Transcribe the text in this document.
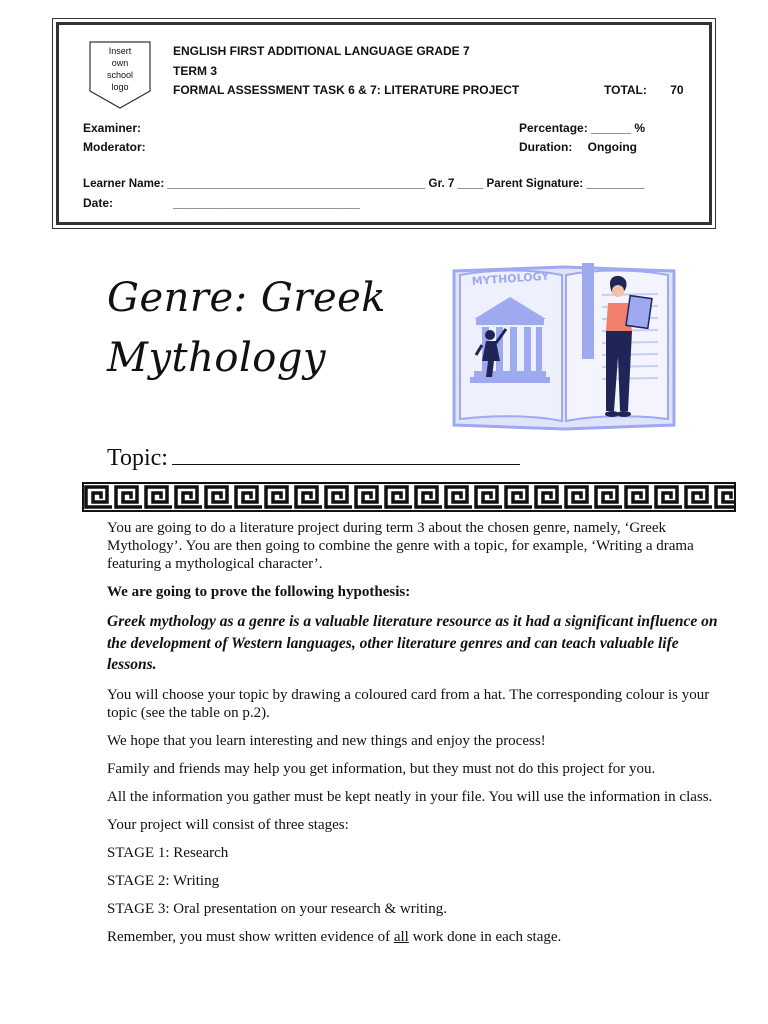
Insert
own
school
logo
ENGLISH FIRST ADDITIONAL LANGUAGE GRADE 7
TERM 3
FORMAL ASSESSMENT TASK 6 & 7: LITERATURE PROJECT	TOTAL: 70
Examiner:
Moderator:
Percentage: ______ %
Duration: Ongoing
Learner Name: ________________________________________ Gr. 7 ____ Parent Signature: _________
Date:	____________________________
Genre: Greek
Mythology
MYTHOLOGY
Topic:

You are going to do a literature project during term 3 about the chosen genre, namely, ‘Greek Mythology’. You are then going to combine the genre with a topic, for example, ‘Writing a drama featuring a mythological character’.

We are going to prove the following hypothesis:

Greek mythology as a genre is a valuable literature resource as it had a significant influence on the development of Western languages, other literature genres and can teach valuable life lessons.

You will choose your topic by drawing a coloured card from a hat. The corresponding colour is your topic (see the table on p.2).

We hope that you learn interesting and new things and enjoy the process!

Family and friends may help you get information, but they must not do this project for you.

All the information you gather must be kept neatly in your file. You will use the information in class.

Your project will consist of three stages:

STAGE 1: Research

STAGE 2: Writing

STAGE 3: Oral presentation on your research & writing.

Remember, you must show written evidence of all work done in each stage.
